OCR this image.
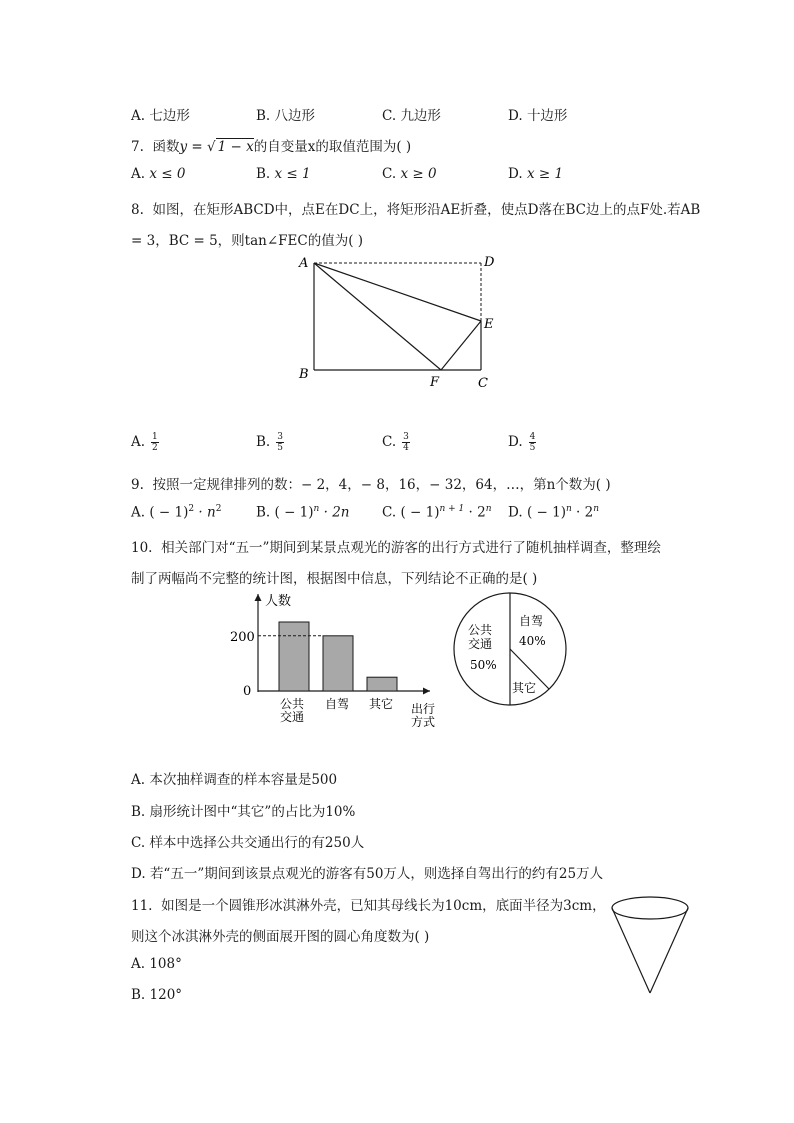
A. 七边形	B. 八边形	C. 九边形	D. 十边形
7. 函数y = √ 1 − x的自变量x的取值范围为( )
A. x ≤ 0	B. x ≤ 1	C. x ≥ 0	D. x ≥ 1
8. 如图，在矩形ABCD中，点E在DC上，将矩形沿AE折叠，使点D落在BC边上的点F处.若AB
= 3，BC = 5，则tan∠FEC的值为( )
A	D
E
B
C
F
A. $\frac{1}{2}$	B. $\frac{3}{5}$	C. $\frac{3}{4}$	D. $\frac{4}{5}$
9. 按照一定规律排列的数：− 2，4，− 8，16，− 32，64，…，第n个数为( )
A. ( − $1)^2 \cdot n^2$	B. ( − 1)$^n$ · 2n C. ( − $1)^{n + 1} \cdot 2^n$ D. ( − $1)^n \cdot 2^n$
10. 相关部门对“五一”期间到某景点观光的游客的出行方式进行了随机抽样调查，整理绘
制了两幅尚不完整的统计图，根据图中信息，下列结论不正确的是( )
人数
200
0
公共
交通
自驾 其它 出行
方式
公共
交通
50%
自驾
40%
其它
A. 本次抽样调查的样本容量是500
B. 扇形统计图中“其它”的占比为10%
C. 样本中选择公共交通出行的有250人
D. 若“五一”期间到该景点观光的游客有50万人，则选择自驾出行的约有25万人
11. 如图是一个圆锥形冰淇淋外壳，已知其母线长为10cm，底面半径为3cm，
则这个冰淇淋外壳的侧面展开图的圆心角度数为( )
A. 108°
B. 120°
